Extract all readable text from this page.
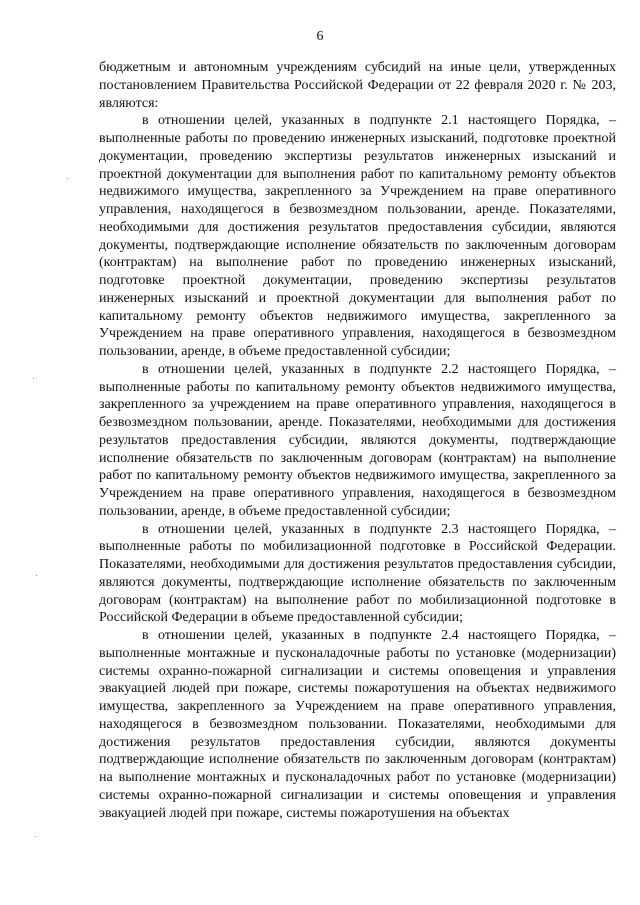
6

бюджетным и автономным учреждениям субсидий на иные цели, утвержденных постановлением Правительства Российской Федерации от 22 февраля 2020 г. № 203, являются:

в отношении целей, указанных в подпункте 2.1 настоящего Порядка, – выполненные работы по проведению инженерных изысканий, подготовке проектной документации, проведению экспертизы результатов инженерных изысканий и проектной документации для выполнения работ по капитальному ремонту объектов недвижимого имущества, закрепленного за Учреждением на праве оперативного управления, находящегося в безвозмездном пользовании, аренде. Показателями, необходимыми для достижения результатов предоставления субсидии, являются документы, подтверждающие исполнение обязательств по заключенным договорам (контрактам) на выполнение работ по проведению инженерных изысканий, подготовке проектной документации, проведению экспертизы результатов инженерных изысканий и проектной документации для выполнения работ по капитальному ремонту объектов недвижимого имущества, закрепленного за Учреждением на праве оперативного управления, находящегося в безвозмездном пользовании, аренде, в объеме предоставленной субсидии;

в отношении целей, указанных в подпункте 2.2 настоящего Порядка, – выполненные работы по капитальному ремонту объектов недвижимого имущества, закрепленного за учреждением на праве оперативного управления, находящегося в безвозмездном пользовании, аренде. Показателями, необходимыми для достижения результатов предоставления субсидии, являются документы, подтверждающие исполнение обязательств по заключенным договорам (контрактам) на выполнение работ по капитальному ремонту объектов недвижимого имущества, закрепленного за Учреждением на праве оперативного управления, находящегося в безвозмездном пользовании, аренде, в объеме предоставленной субсидии;

в отношении целей, указанных в подпункте 2.3 настоящего Порядка, – выполненные работы по мобилизационной подготовке в Российской Федерации. Показателями, необходимыми для достижения результатов предоставления субсидии, являются документы, подтверждающие исполнение обязательств по заключенным договорам (контрактам) на выполнение работ по мобилизационной подготовке в Российской Федерации в объеме предоставленной субсидии;

в отношении целей, указанных в подпункте 2.4 настоящего Порядка, – выполненные монтажные и пусконаладочные работы по установке (модернизации) системы охранно-пожарной сигнализации и системы оповещения и управления эвакуацией людей при пожаре, системы пожаротушения на объектах недвижимого имущества, закрепленного за Учреждением на праве оперативного управления, находящегося в безвозмездном пользовании. Показателями, необходимыми для достижения результатов предоставления субсидии, являются документы подтверждающие исполнение обязательств по заключенным договорам (контрактам) на выполнение монтажных и пусконаладочных работ по установке (модернизации) системы охранно-пожарной сигнализации и системы оповещения и управления эвакуацией людей при пожаре, системы пожаротушения на объектах
